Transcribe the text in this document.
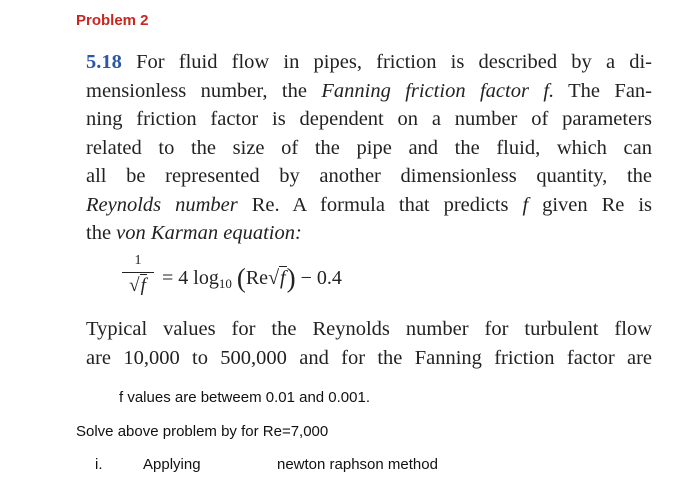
Problem 2
5.18 For fluid flow in pipes, friction is described by a di-
mensionless number, the Fanning friction factor f. The Fan-
ning friction factor is dependent on a number of parameters
related to the size of the pipe and the fluid, which can
all be represented by another dimensionless quantity, the
Reynolds number Re. A formula that predicts f given Re is
the von Karman equation:
1
√f = 4 $\log_{10} (Re√f) - 0.4$
Typical values for the Reynolds number for turbulent flow
are 10,000 to 500,000 and for the Fanning friction factor are
f values are betweem 0.01 and 0.001.
Solve above problem by for Re=7,000
i.	Applying	newton raphson method
